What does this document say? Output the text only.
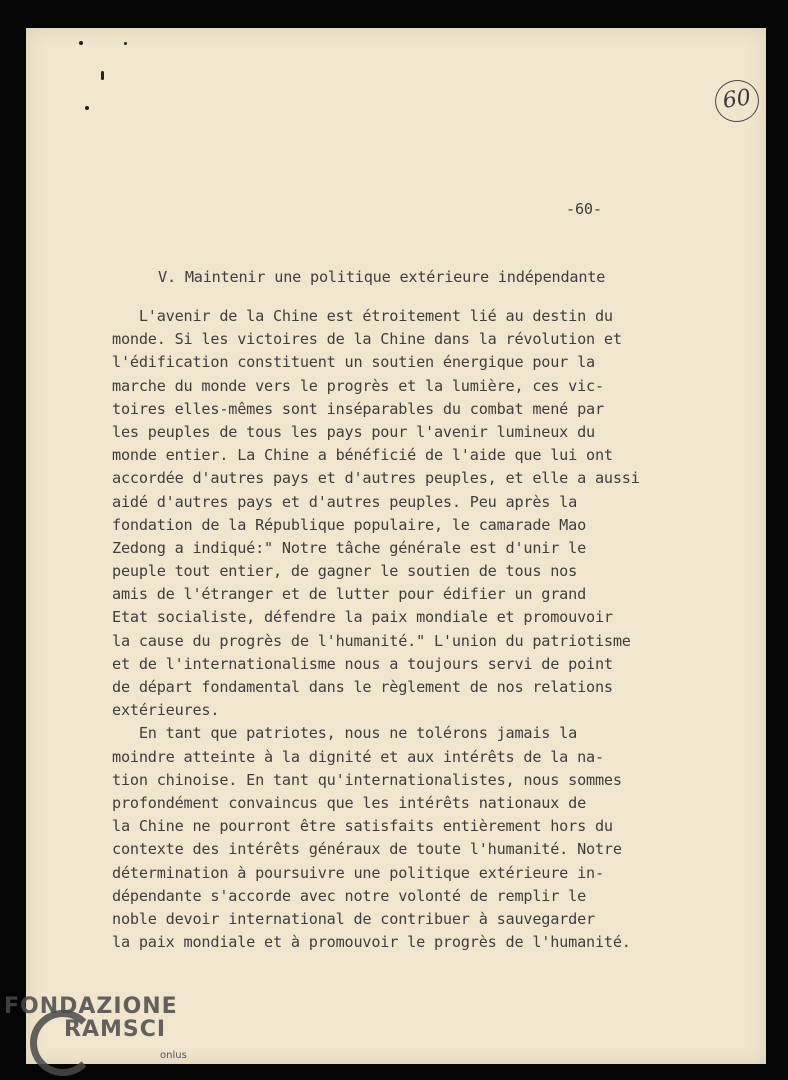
60
-60-
V. Maintenir une politique extérieure indépendante
L'avenir de la Chine est étroitement lié au destin du
monde. Si les victoires de la Chine dans la révolution et
l'édification constituent un soutien énergique pour la
marche du monde vers le progrès et la lumière, ces vic-
toires elles-mêmes sont inséparables du combat mené par
les peuples de tous les pays pour l'avenir lumineux du
monde entier. La Chine a bénéficié de l'aide que lui ont
accordée d'autres pays et d'autres peuples, et elle a aussi
aidé d'autres pays et d'autres peuples. Peu après la
fondation de la République populaire, le camarade Mao
Zedong a indiqué:" Notre tâche générale est d'unir le
peuple tout entier, de gagner le soutien de tous nos
amis de l'étranger et de lutter pour édifier un grand
Etat socialiste, défendre la paix mondiale et promouvoir
la cause du progrès de l'humanité." L'union du patriotisme
et de l'internationalisme nous a toujours servi de point
de départ fondamental dans le règlement de nos relations
extérieures.
En tant que patriotes, nous ne tolérons jamais la
moindre atteinte à la dignité et aux intérêts de la na-
tion chinoise. En tant qu'internationalistes, nous sommes
profondément convaincus que les intérêts nationaux de
la Chine ne pourront être satisfaits entièrement hors du
contexte des intérêts généraux de toute l'humanité. Notre
détermination à poursuivre une politique extérieure in-
dépendante s'accorde avec notre volonté de remplir le
noble devoir international de contribuer à sauvegarder
la paix mondiale et à promouvoir le progrès de l'humanité.
FONDAZIONE
RAMSCI
onlus
